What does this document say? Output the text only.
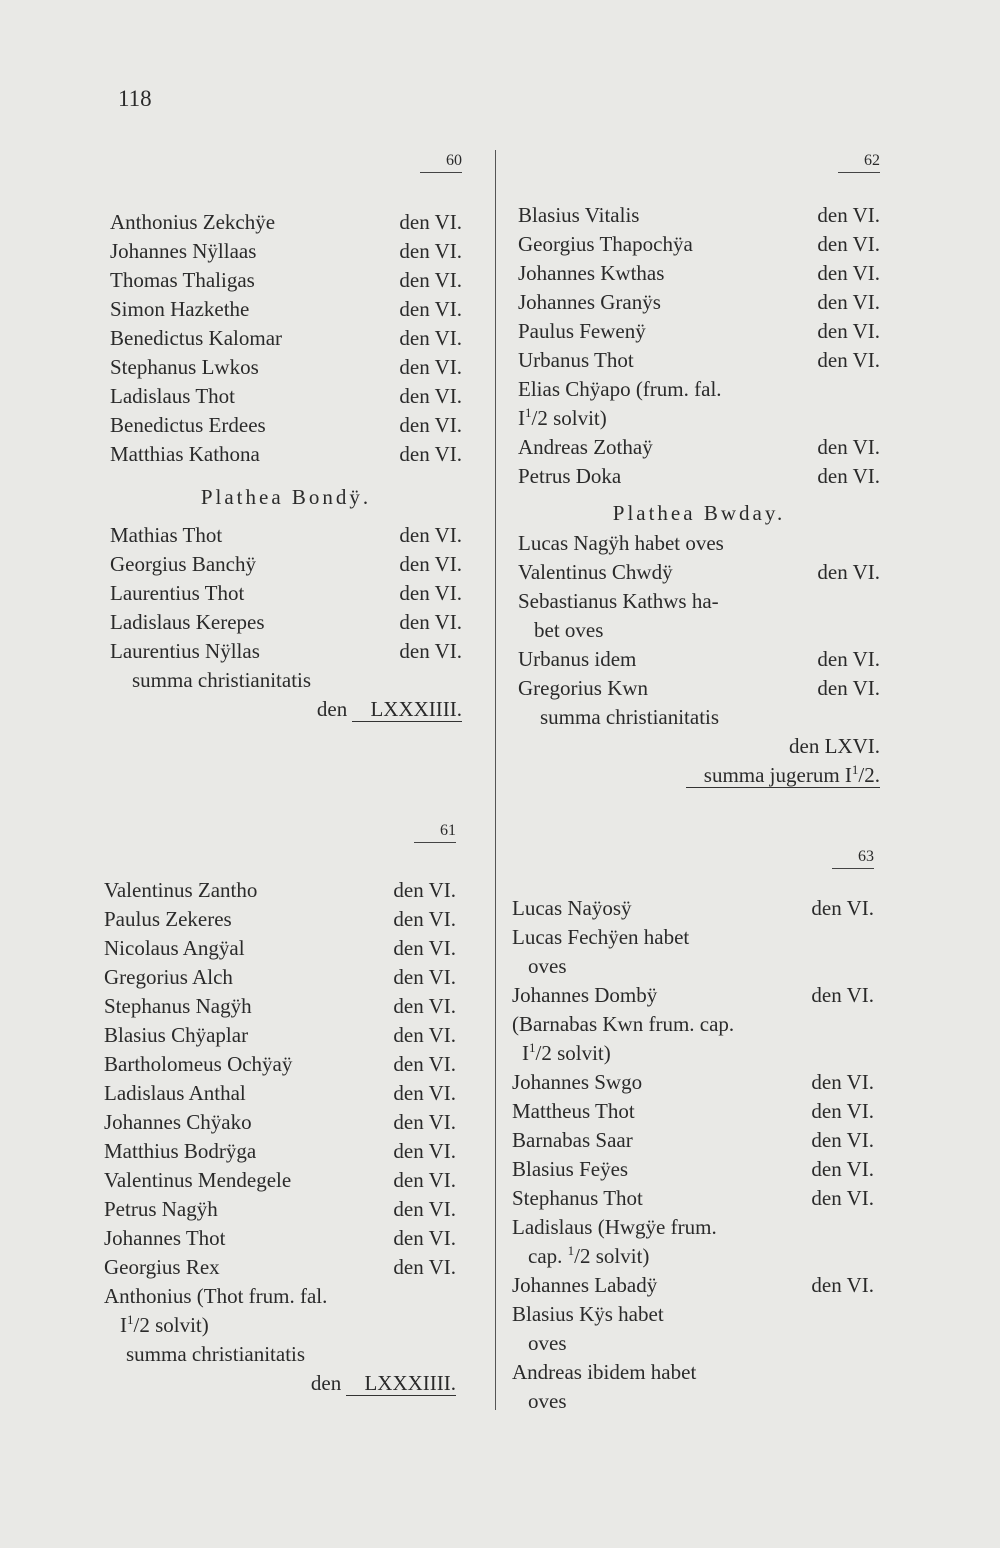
118
60
Anthonius Zekchÿe	den VI.
Johannes Nÿllaas	den VI.
Thomas Thaligas	den VI.
Simon Hazkethe	den VI.
Benedictus Kalomar	den VI.
Stephanus Lwkos	den VI.
Ladislaus Thot	den VI.
Benedictus Erdees	den VI.
Matthias Kathona	den VI.
Plathea Bondÿ.
Mathias Thot	den VI.
Georgius Banchÿ	den VI.
Laurentius Thot	den VI.
Ladislaus Kerepes	den VI.
Laurentius Nÿllas	den VI.
summa christianitatis
den LXXXIIII.
61
Valentinus Zantho	den VI.
Paulus Zekeres	den VI.
Nicolaus Angÿal	den VI.
Gregorius Alch	den VI.
Stephanus Nagÿh	den VI.
Blasius Chÿaplar	den VI.
Bartholomeus Ochÿaÿ	den VI.
Ladislaus Anthal	den VI.
Johannes Chÿako	den VI.
Matthius Bodrÿga	den VI.
Valentinus Mendegele	den VI.
Petrus Nagÿh	den VI.
Johannes Thot	den VI.
Georgius Rex	den VI.
Anthonius (Thot frum. fal.
$I^1/2$ solvit)
summa christianitatis
den LXXXIIII.
62
Blasius Vitalis	den VI.
Georgius Thapochÿa	den VI.
Johannes Kwthas	den VI.
Johannes Granÿs	den VI.
Paulus Fewenÿ	den VI.
Urbanus Thot	den VI.
Elias Chÿapo (frum. fal.
$I^1/2$ solvit)
Andreas Zothaÿ	den VI.
Petrus Doka	den VI.
Plathea Bwday.
Lucas Nagÿh habet oves
Valentinus Chwdÿ	den VI.
Sebastianus Kathws ha-
bet oves
Urbanus idem	den VI.
Gregorius Kwn	den VI.
summa christianitatis
den LXVI.
summa jugerum $I^1/2$.
63
Lucas Naÿosÿ	den VI.
Lucas Fechÿen habet
oves
Johannes Dombÿ	den VI.
(Barnabas Kwn frum. cap.
$I^1/2$ solvit)
Johannes Swgo	den VI.
Mattheus Thot	den VI.
Barnabas Saar	den VI.
Blasius Feÿes	den VI.
Stephanus Thot	den VI.
Ladislaus (Hwgÿe frum.
cap. $^1$/2 solvit)
Johannes Labadÿ	den VI.
Blasius Kÿs habet
oves
Andreas ibidem habet
oves
